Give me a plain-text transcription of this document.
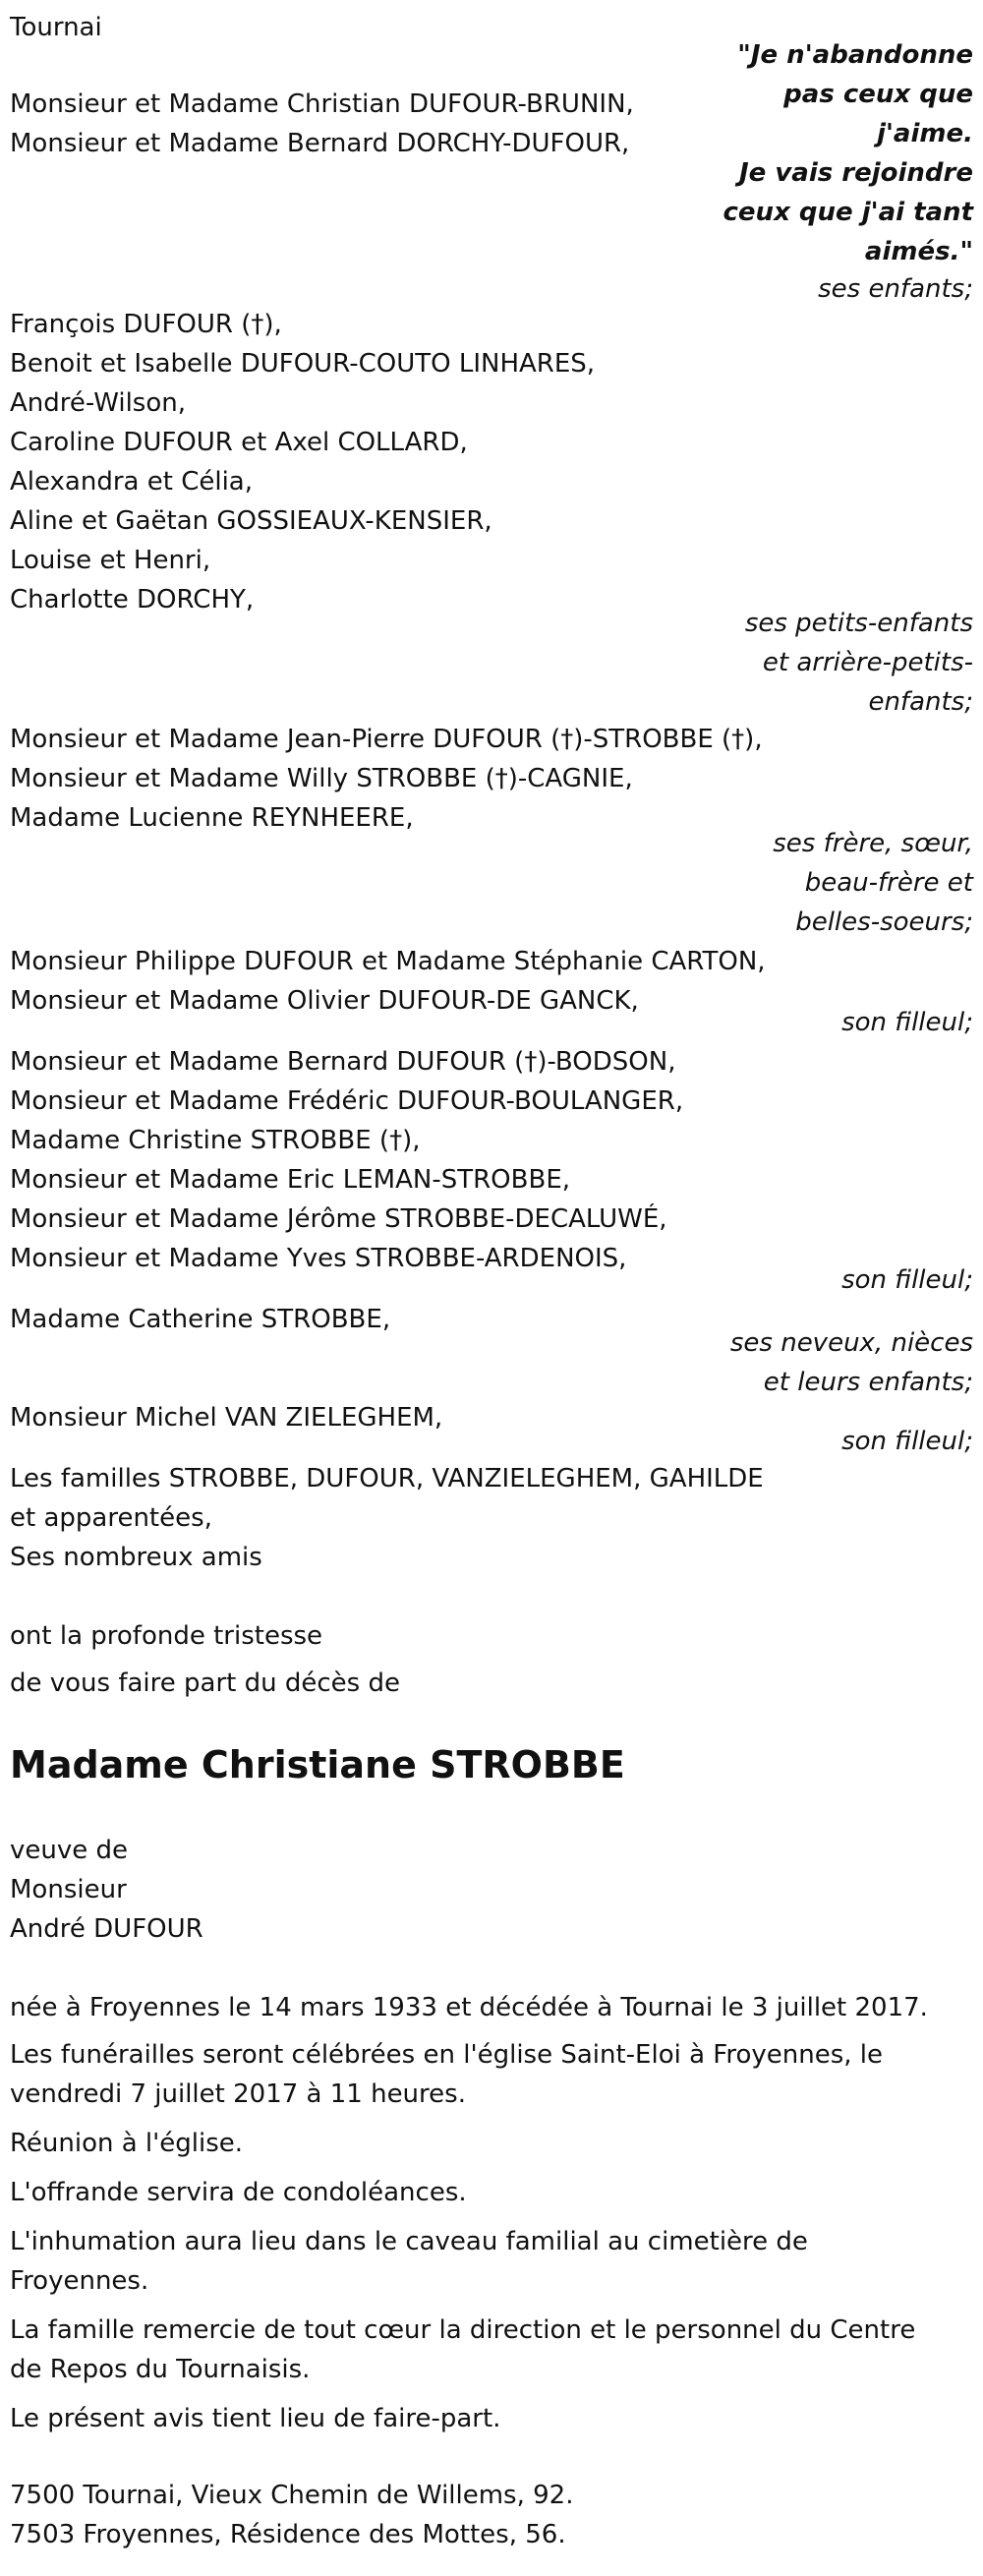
Tournai
"Je n'abandonne
pas ceux que
j'aime.
Je vais rejoindre
ceux que j'ai tant
aimés."
Monsieur et Madame Christian DUFOUR-BRUNIN,
Monsieur et Madame Bernard DORCHY-DUFOUR,
ses enfants;
François DUFOUR (†),
Benoit et Isabelle DUFOUR-COUTO LINHARES,
André-Wilson,
Caroline DUFOUR et Axel COLLARD,
Alexandra et Célia,
Aline et Gaëtan GOSSIEAUX-KENSIER,
Louise et Henri,
Charlotte DORCHY,
ses petits-enfants
et arrière-petits-
enfants;
Monsieur et Madame Jean-Pierre DUFOUR (†)-STROBBE (†),
Monsieur et Madame Willy STROBBE (†)-CAGNIE,
Madame Lucienne REYNHEERE,
ses frère, sœur,
beau-frère et
belles-soeurs;
Monsieur Philippe DUFOUR et Madame Stéphanie CARTON,
Monsieur et Madame Olivier DUFOUR-DE GANCK,
son filleul;
Monsieur et Madame Bernard DUFOUR (†)-BODSON,
Monsieur et Madame Frédéric DUFOUR-BOULANGER,
Madame Christine STROBBE (†),
Monsieur et Madame Eric LEMAN-STROBBE,
Monsieur et Madame Jérôme STROBBE-DECALUWÉ,
Monsieur et Madame Yves STROBBE-ARDENOIS,
son filleul;
Madame Catherine STROBBE,
ses neveux, nièces
et leurs enfants;
Monsieur Michel VAN ZIELEGHEM,
son filleul;
Les familles STROBBE, DUFOUR, VANZIELEGHEM, GAHILDE
et apparentées,
Ses nombreux amis
ont la profonde tristesse
de vous faire part du décès de
Madame Christiane STROBBE
veuve de
Monsieur
André DUFOUR
née à Froyennes le 14 mars 1933 et décédée à Tournai le 3 juillet 2017.
Les funérailles seront célébrées en l'église Saint-Eloi à Froyennes, le
vendredi 7 juillet 2017 à 11 heures.
Réunion à l'église.
L'offrande servira de condoléances.
L'inhumation aura lieu dans le caveau familial au cimetière de
Froyennes.
La famille remercie de tout cœur la direction et le personnel du Centre
de Repos du Tournaisis.
Le présent avis tient lieu de faire-part.
7500 Tournai, Vieux Chemin de Willems, 92.
7503 Froyennes, Résidence des Mottes, 56.
